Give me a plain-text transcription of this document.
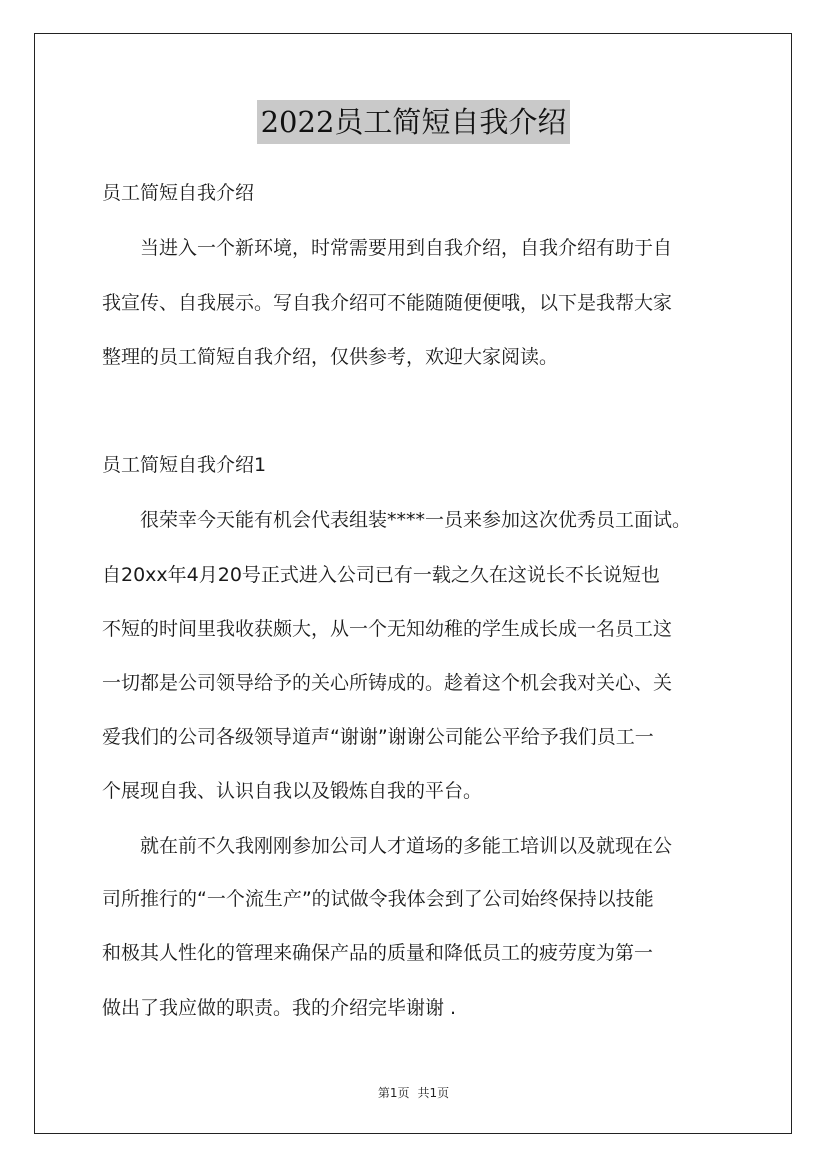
2022员工简短自我介绍
员工简短自我介绍
　　当进入一个新环境，时常需要用到自我介绍，自我介绍有助于自
我宣传、自我展示。写自我介绍可不能随随便便哦，以下是我帮大家
整理的员工简短自我介绍，仅供参考，欢迎大家阅读。
员工简短自我介绍1
　　很荣幸今天能有机会代表组装****一员来参加这次优秀员工面试。
自20xx年4月20号正式进入公司已有一载之久在这说长不长说短也
不短的时间里我收获颇大，从一个无知幼稚的学生成长成一名员工这
一切都是公司领导给予的关心所铸成的。趁着这个机会我对关心、关
爱我们的公司各级领导道声“谢谢”谢谢公司能公平给予我们员工一
个展现自我、认识自我以及锻炼自我的平台。
　　就在前不久我刚刚参加公司人才道场的多能工培训以及就现在公
司所推行的“一个流生产”的试做令我体会到了公司始终保持以技能
和极其人性化的管理来确保产品的质量和降低员工的疲劳度为第一
做出了我应做的职责。我的介绍完毕谢谢 .
第1页 共1页
